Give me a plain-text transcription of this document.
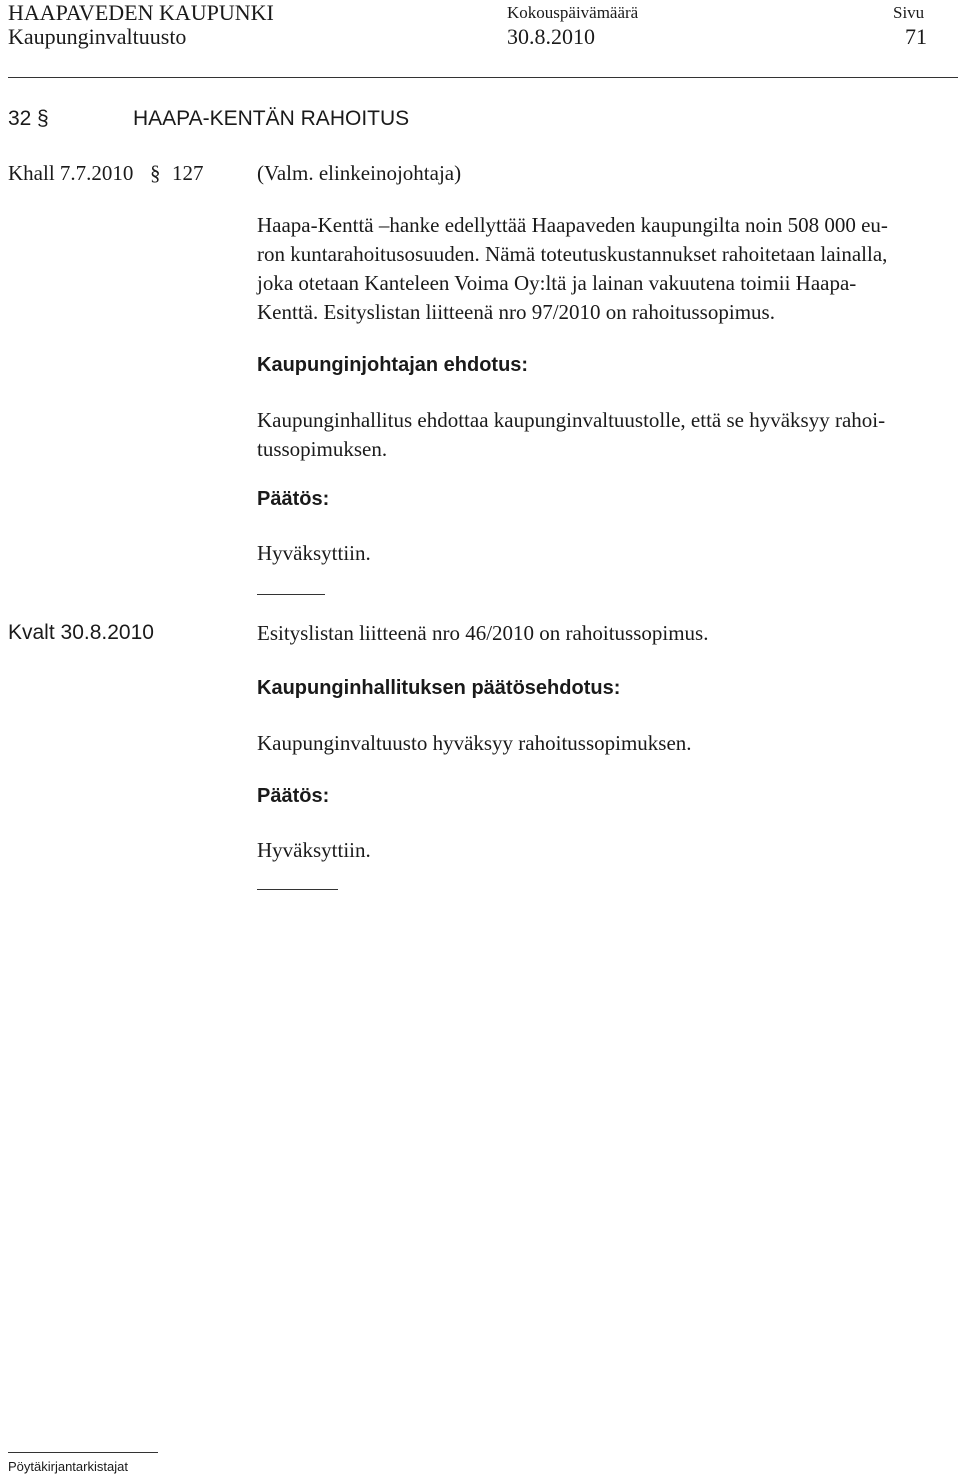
HAAPAVEDEN KAUPUNKI	Kokouspäivämäärä	Sivu
Kaupunginvaltuusto	30.8.2010	71
32 §	HAAPA-KENTÄN RAHOITUS
Khall 7.7.2010 § 127	(Valm. elinkeinojohtaja)
Haapa-Kenttä –hanke edellyttää Haapaveden kaupungilta noin 508 000 eu-
ron kuntarahoitusosuuden. Nämä toteutuskustannukset rahoitetaan lainalla,
joka otetaan Kanteleen Voima Oy:ltä ja lainan vakuutena toimii Haapa-
Kenttä. Esityslistan liitteenä nro 97/2010 on rahoitussopimus.
Kaupunginjohtajan ehdotus:
Kaupunginhallitus ehdottaa kaupunginvaltuustolle, että se hyväksyy rahoi-
tussopimuksen.
Päätös:
Hyväksyttiin.
Kvalt 30.8.2010	Esityslistan liitteenä nro 46/2010 on rahoitussopimus.
Kaupunginhallituksen päätösehdotus:
Kaupunginvaltuusto hyväksyy rahoitussopimuksen.
Päätös:
Hyväksyttiin.
Pöytäkirjantarkistajat
